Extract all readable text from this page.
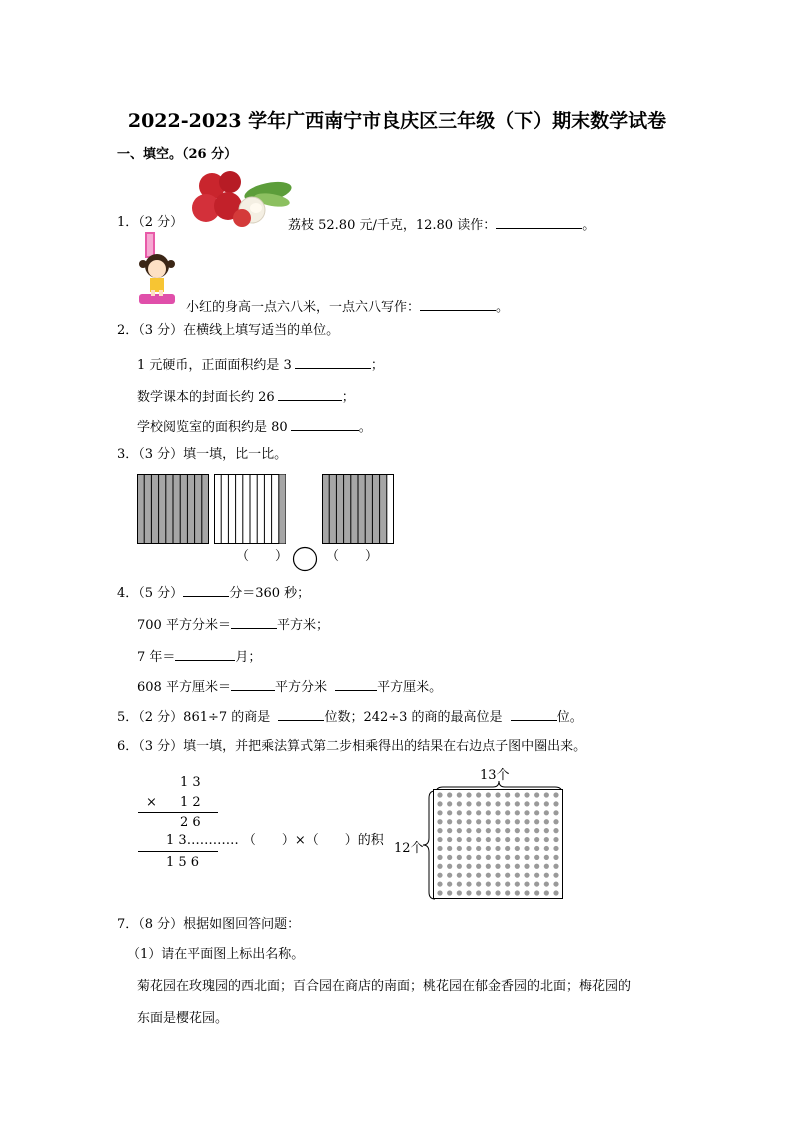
2022-2023 学年广西南宁市良庆区三年级（下）期末数学试卷
一、填空。（26 分）
1．（2 分）	荔枝 52.80 元/千克，12.80 读作：	。
小红的身高一点六八米，一点六八写作：	。
2．（3 分）在横线上填写适当的单位。
1 元硬币，正面面积约是 3	；
数学课本的封面长约 26	；
学校阅览室的面积约是 80	。
3．（3 分）填一填，比一比。
（　　）	（　　）
4．（5 分）	分＝360 秒；
700 平方分米＝	平方米；
7 年＝	月；
608 平方厘米＝	平方分米	平方厘米。
5．（2 分）861÷7 的商是	位数；242÷3 的商的最高位是	位。
6．（3 分）填一填，并把乘法算式第二步相乘得出的结果在右边点子图中圈出来。
1 3
× 1 2
2 6
1 3………… （　　）×（　　）的积
1 5 6
13个
12个
7．（8 分）根据如图回答问题：
（1）请在平面图上标出名称。
菊花园在玫瑰园的西北面；百合园在商店的南面；桃花园在郁金香园的北面；梅花园的
东面是樱花园。
